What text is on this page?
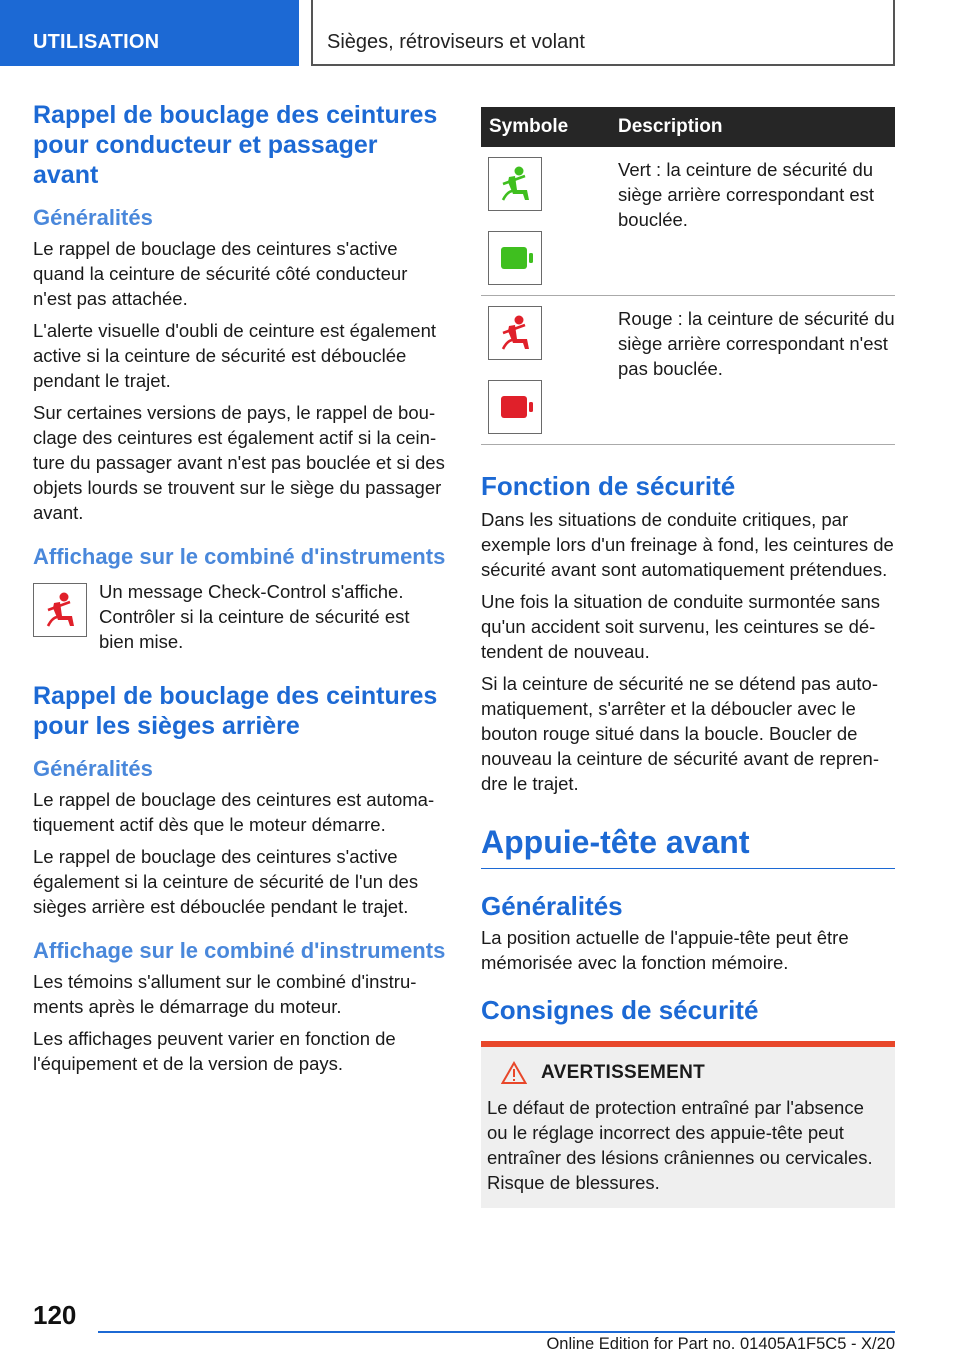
UTILISATION	Sièges, rétroviseurs et volant
Rappel de bouclage des ceintures pour conducteur et passager avant
Généralités

Le rappel de bouclage des ceintures s'active quand la ceinture de sécurité côté conducteur n'est pas attachée.

L'alerte visuelle d'oubli de ceinture est également active si la ceinture de sécurité est débouclée pendant le trajet.

Sur certaines versions de pays, le rappel de bouclage des ceintures est également actif si la ceinture du passager avant n'est pas bouclée et si des objets lourds se trouvent sur le siège du passager avant.

Affichage sur le combiné d'instruments

Un message Check-Control s'affiche. Contrôler si la ceinture de sécurité est bien mise.

Rappel de bouclage des ceintures pour les sièges arrière
Généralités

Le rappel de bouclage des ceintures est automatiquement actif dès que le moteur démarre.

Le rappel de bouclage des ceintures s'active également si la ceinture de sécurité de l'un des sièges arrière est débouclée pendant le trajet.

Affichage sur le combiné d'instruments

Les témoins s'allument sur le combiné d'instruments après le démarrage du moteur.

Les affichages peuvent varier en fonction de l'équipement et de la version de pays.

Symbole	Description

	Vert : la ceinture de sécurité du siège arrière correspondant est bouclée.

	Rouge : la ceinture de sécurité du siège arrière correspondant n'est pas bouclée.
Fonction de sécurité

Dans les situations de conduite critiques, par exemple lors d'un freinage à fond, les ceintures de sécurité avant sont automatiquement prétendues.

Une fois la situation de conduite surmontée sans qu'un accident soit survenu, les ceintures se détendent de nouveau.

Si la ceinture de sécurité ne se détend pas automatiquement, s'arrêter et la déboucler avec le bouton rouge situé dans la boucle. Boucler de nouveau la ceinture de sécurité avant de reprendre le trajet.

Appuie-tête avant
Généralités

La position actuelle de l'appuie-tête peut être mémorisée avec la fonction mémoire.

Consignes de sécurité
AVERTISSEMENT

Le défaut de protection entraîné par l'absence ou le réglage incorrect des appuie-tête peut entraîner des lésions crâniennes ou cervicales. Risque de blessures.

120
Online Edition for Part no. 01405A1F5C5 - X/20
